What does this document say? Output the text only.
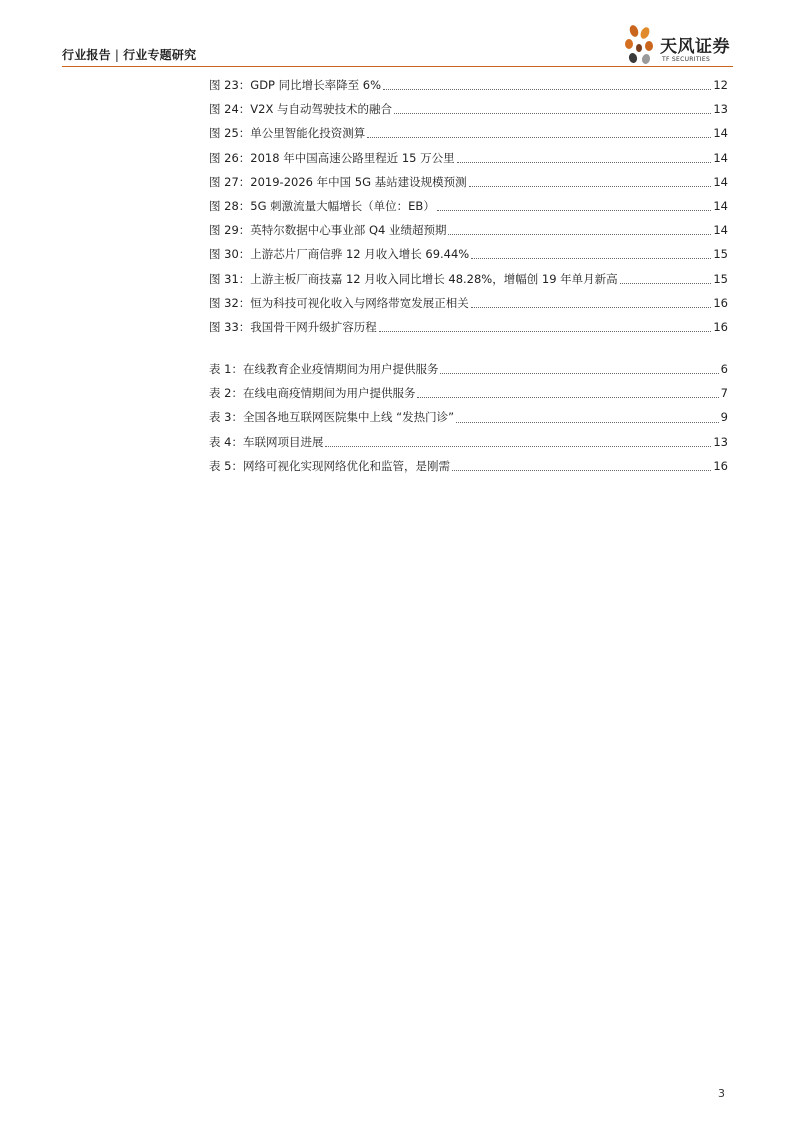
行业报告 | 行业专题研究	天风证券
TF SECURITIES
图 23：GDP 同比增长率降至 6%	12
图 24：V2X 与自动驾驶技术的融合	13
图 25：单公里智能化投资测算	14
图 26：2018 年中国高速公路里程近 15 万公里	14
图 27：2019-2026 年中国 5G 基站建设规模预测	14
图 28：5G 刺激流量大幅增长（单位：EB）	14
图 29：英特尔数据中心事业部 Q4 业绩超预期	14
图 30：上游芯片厂商信骅 12 月收入增长 69.44%	15
图 31：上游主板厂商技嘉 12 月收入同比增长 48.28%，增幅创 19 年单月新高	15
图 32：恒为科技可视化收入与网络带宽发展正相关	16
图 33：我国骨干网升级扩容历程	16
表 1：在线教育企业疫情期间为用户提供服务	6
表 2：在线电商疫情期间为用户提供服务	7
表 3：全国各地互联网医院集中上线 “发热门诊”	9
表 4：车联网项目进展	13
表 5：网络可视化实现网络优化和监管，是刚需	16
3
